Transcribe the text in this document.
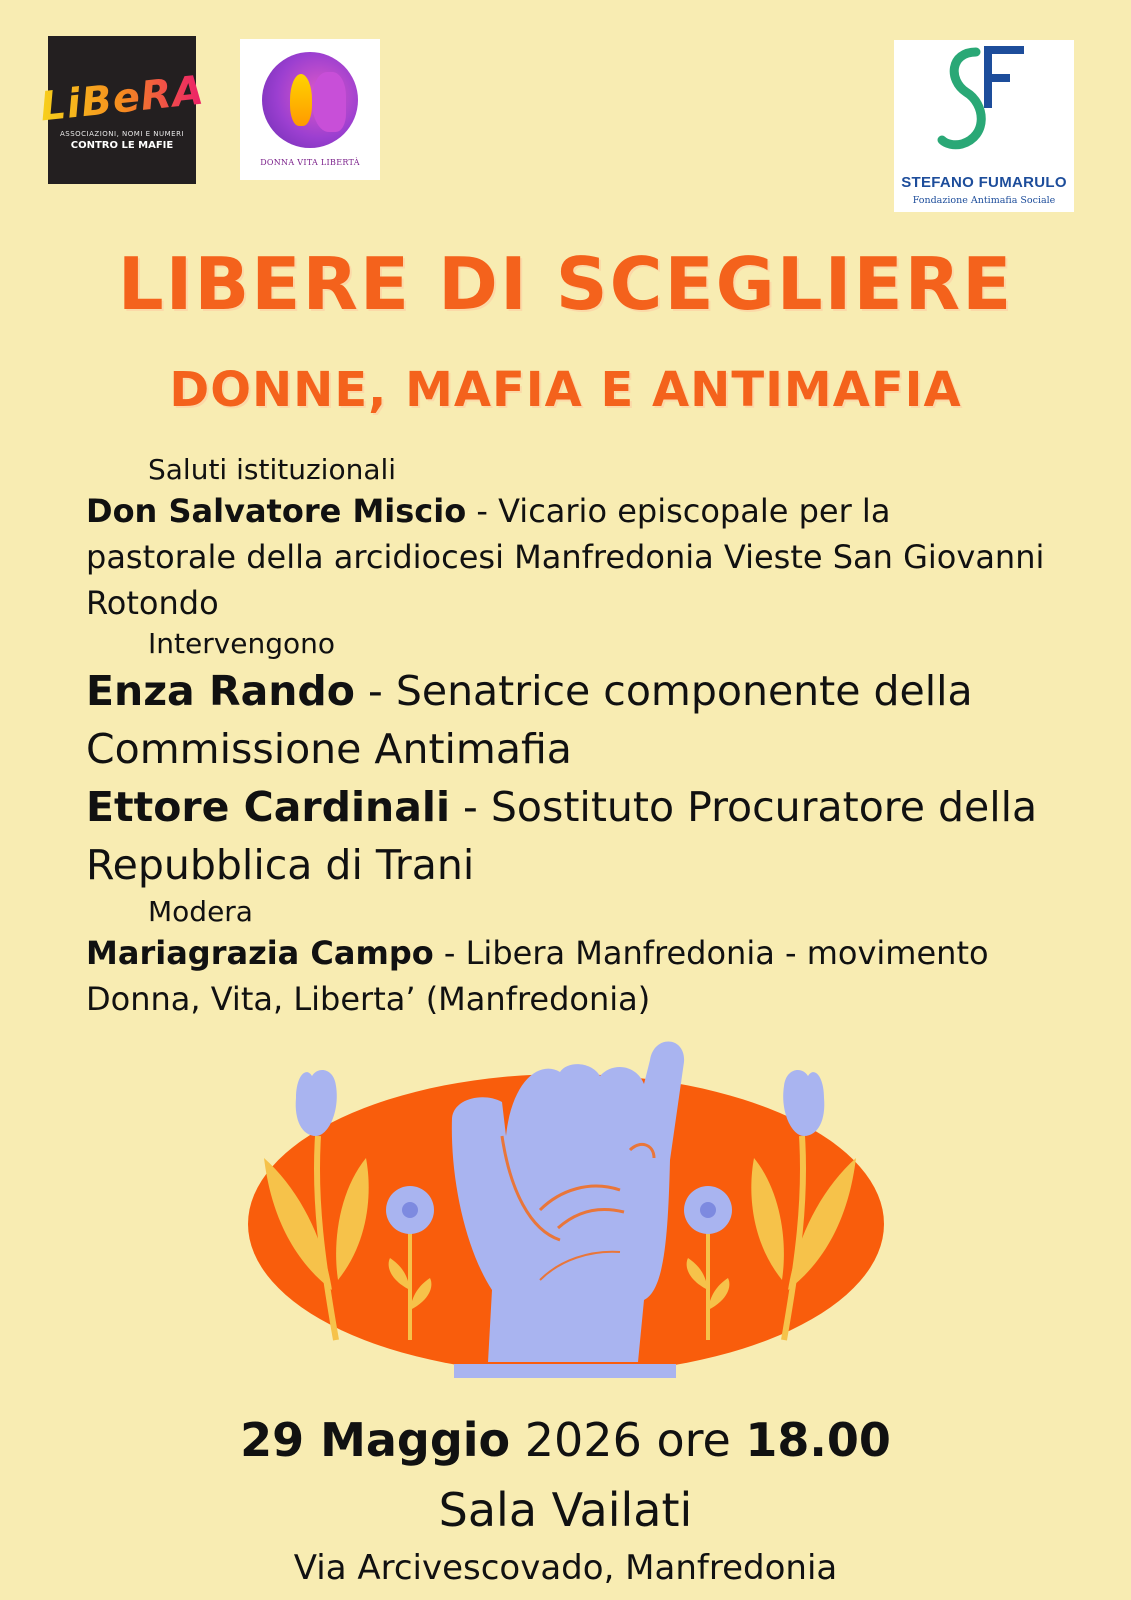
LiBeRA
ASSOCIAZIONI, NOMI E NUMERI
CONTRO LE MAFIE
DONNA VITA LIBERTÀ
STEFANO FUMARULO
Fondazione Antimafia Sociale
LIBERE DI SCEGLIERE
DONNE, MAFIA E ANTIMAFIA
Saluti istituzionali
Don Salvatore Miscio - Vicario episcopale per la pastorale della arcidiocesi Manfredonia Vieste San Giovanni Rotondo
Intervengono
Enza Rando - Senatrice componente della Commissione Antimafia
Ettore Cardinali - Sostituto Procuratore della Repubblica di Trani
Modera
Mariagrazia Campo - Libera Manfredonia - movimento Donna, Vita, Liberta’ (Manfredonia)
29 Maggio 2026 ore 18.00
Sala Vailati
Via Arcivescovado, Manfredonia
